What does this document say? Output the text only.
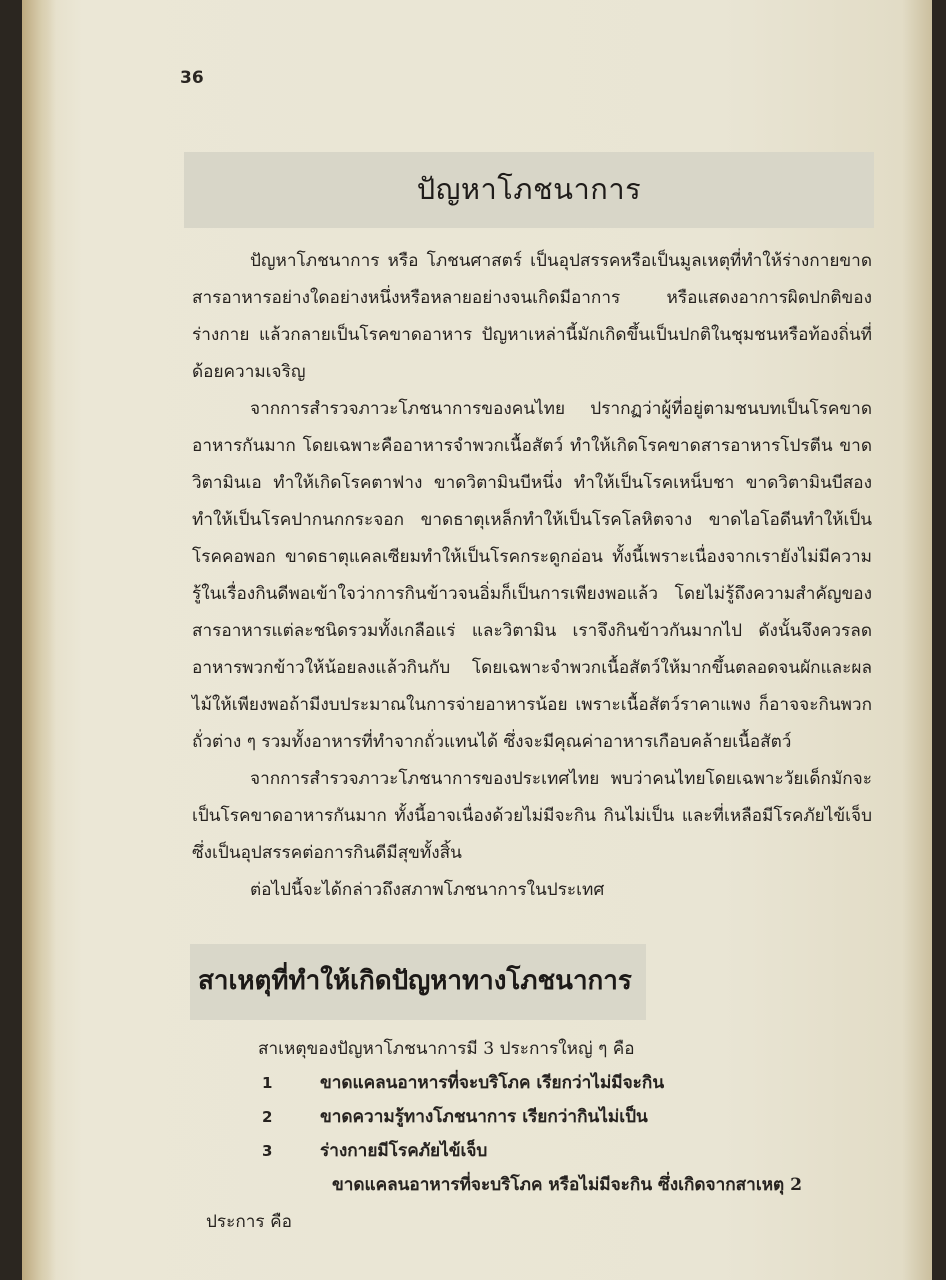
36
ปัญหาโภชนาการ

ปัญหาโภชนาการ หรือ โภชนศาสตร์ เป็นอุปสรรคหรือเป็นมูลเหตุที่ทำให้ร่างกายขาดสารอาหารอย่างใดอย่างหนึ่งหรือหลายอย่างจนเกิดมีอาการ หรือแสดงอาการผิดปกติของร่างกาย แล้วกลายเป็นโรคขาดอาหาร ปัญหาเหล่านี้มักเกิดขึ้นเป็นปกติในชุมชนหรือท้องถิ่นที่ด้อยความเจริญ

จากการสำรวจภาวะโภชนาการของคนไทย ปรากฏว่าผู้ที่อยู่ตามชนบทเป็นโรคขาดอาหารกันมาก โดยเฉพาะคืออาหารจำพวกเนื้อสัตว์ ทำให้เกิดโรคขาดสารอาหารโปรตีน ขาดวิตามินเอ ทำให้เกิดโรคตาฟาง ขาดวิตามินบีหนึ่ง ทำให้เป็นโรคเหน็บชา ขาดวิตามินบีสอง ทำให้เป็นโรคปากนกกระจอก ขาดธาตุเหล็กทำให้เป็นโรคโลหิตจาง ขาดไอโอดีนทำให้เป็นโรคคอพอก ขาดธาตุแคลเซียมทำให้เป็นโรคกระดูกอ่อน ทั้งนี้เพราะเนื่องจากเรายังไม่มีความรู้ในเรื่องกินดีพอเข้าใจว่าการกินข้าวจนอิ่มก็เป็นการเพียงพอแล้ว โดยไม่รู้ถึงความสำคัญของสารอาหารแต่ละชนิดรวมทั้งเกลือแร่ และวิตามิน เราจึงกินข้าวกันมากไป ดังนั้นจึงควรลดอาหารพวกข้าวให้น้อยลงแล้วกินกับ โดยเฉพาะจำพวกเนื้อสัตว์ให้มากขึ้นตลอดจนผักและผลไม้ให้เพียงพอถ้ามีงบประมาณในการจ่ายอาหารน้อย เพราะเนื้อสัตว์ราคาแพง ก็อาจจะกินพวกถั่วต่าง ๆ รวมทั้งอาหารที่ทำจากถั่วแทนได้ ซึ่งจะมีคุณค่าอาหารเกือบคล้ายเนื้อสัตว์

จากการสำรวจภาวะโภชนาการของประเทศไทย พบว่าคนไทยโดยเฉพาะวัยเด็กมักจะเป็นโรคขาดอาหารกันมาก ทั้งนี้อาจเนื่องด้วยไม่มีจะกิน กินไม่เป็น และที่เหลือมีโรคภัยไข้เจ็บ ซึ่งเป็นอุปสรรคต่อการกินดีมีสุขทั้งสิ้น

ต่อไปนี้จะได้กล่าวถึงสภาพโภชนาการในประเทศ

สาเหตุที่ทำให้เกิดปัญหาทางโภชนาการ
สาเหตุของปัญหาโภชนาการมี 3 ประการใหญ่ ๆ คือ
1	ขาดแคลนอาหารที่จะบริโภค เรียกว่าไม่มีจะกิน
2	ขาดความรู้ทางโภชนาการ เรียกว่ากินไม่เป็น
3	ร่างกายมีโรคภัยไข้เจ็บ
ขาดแคลนอาหารที่จะบริโภค หรือไม่มีจะกิน ซึ่งเกิดจากสาเหตุ 2
ประการ คือ
